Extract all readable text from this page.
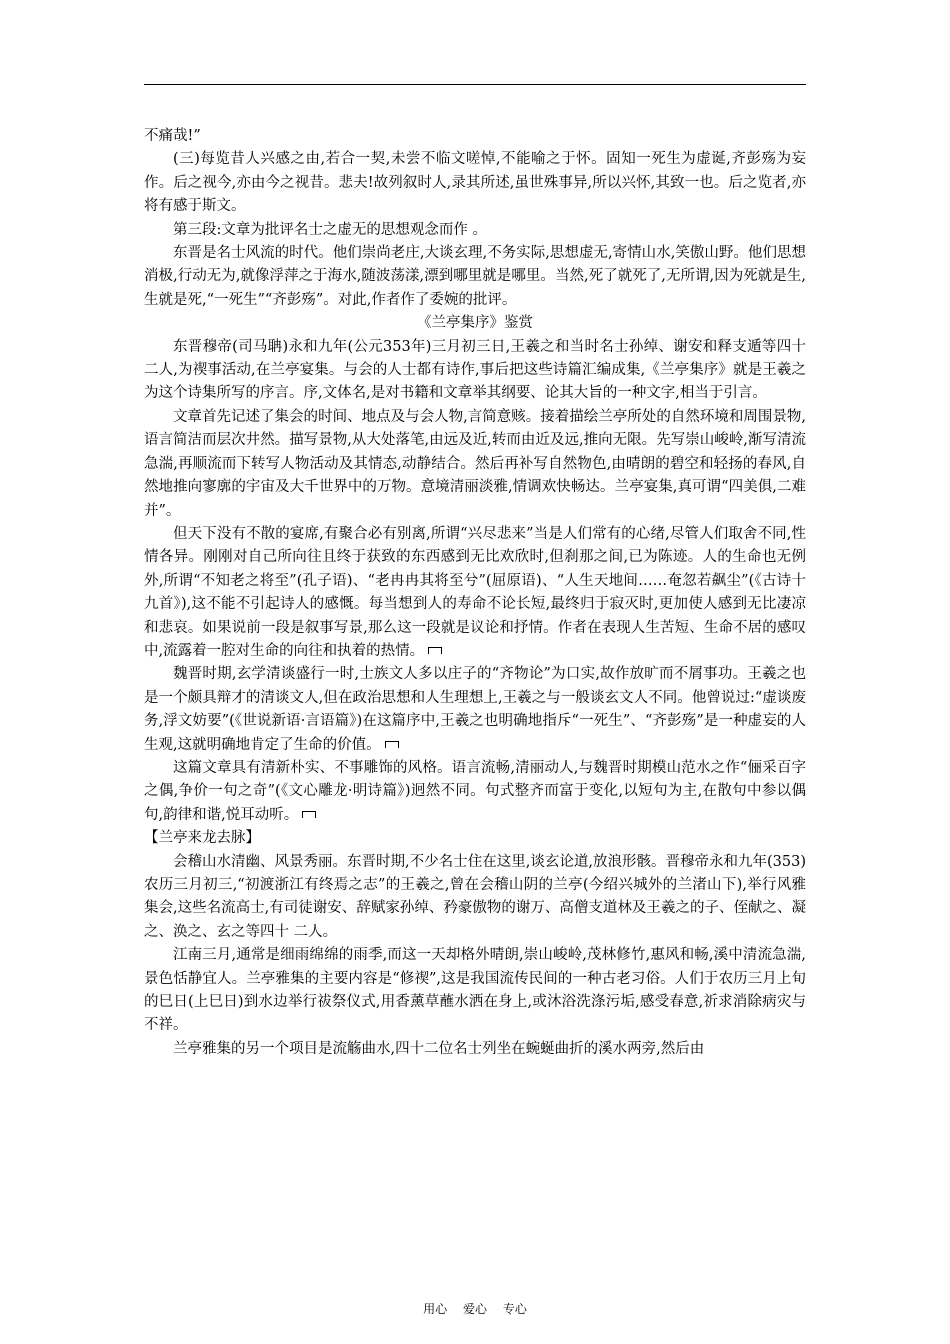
不痛哉!”

(三)每览昔人兴感之由,若合一契,未尝不临文嗟悼,不能喻之于怀。固知一死生为虚诞,齐彭殇为妄作。后之视今,亦由今之视昔。悲夫!故列叙时人,录其所述,虽世殊事异,所以兴怀,其致一也。后之览者,亦将有感于斯文。

第三段:文章为批评名士之虚无的思想观念而作 。

东晋是名士风流的时代。他们崇尚老庄,大谈玄理,不务实际,思想虚无,寄情山水,笑傲山野。他们思想消极,行动无为,就像浮萍之于海水,随波荡漾,漂到哪里就是哪里。当然,死了就死了,无所谓,因为死就是生,生就是死,“一死生”“齐彭殇”。对此,作者作了委婉的批评。

《兰亭集序》鉴赏

东晋穆帝(司马聃)永和九年(公元353年)三月初三日,王羲之和当时名士孙绰、谢安和释支遁等四十二人,为禊事活动,在兰亭宴集。与会的人士都有诗作,事后把这些诗篇汇编成集,《兰亭集序》就是王羲之为这个诗集所写的序言。序,文体名,是对书籍和文章举其纲要、论其大旨的一种文字,相当于引言。

文章首先记述了集会的时间、地点及与会人物,言简意赅。接着描绘兰亭所处的自然环境和周围景物,语言简洁而层次井然。描写景物,从大处落笔,由远及近,转而由近及远,推向无限。先写崇山峻岭,渐写清流急湍,再顺流而下转写人物活动及其情态,动静结合。然后再补写自然物色,由晴朗的碧空和轻扬的春风,自然地推向寥廓的宇宙及大千世界中的万物。意境清丽淡雅,情调欢快畅达。兰亭宴集,真可谓“四美俱,二难并”。

但天下没有不散的宴席,有聚合必有别离,所谓“兴尽悲来”当是人们常有的心绪,尽管人们取舍不同,性情各异。刚刚对自己所向往且终于获致的东西感到无比欢欣时,但刹那之间,已为陈迹。人的生命也无例外,所谓“不知老之将至”(孔子语)、“老冉冉其将至兮”(屈原语)、“人生天地间……奄忽若飙尘”(《古诗十九首》),这不能不引起诗人的感慨。每当想到人的寿命不论长短,最终归于寂灭时,更加使人感到无比凄凉和悲哀。如果说前一段是叙事写景,那么这一段就是议论和抒情。作者在表现人生苦短、生命不居的感叹中,流露着一腔对生命的向往和执着的热情。

魏晋时期,玄学清谈盛行一时,士族文人多以庄子的“齐物论”为口实,故作放旷而不屑事功。王羲之也是一个颇具辩才的清谈文人,但在政治思想和人生理想上,王羲之与一般谈玄文人不同。他曾说过:“虚谈废务,浮文妨要”(《世说新语·言语篇》)在这篇序中,王羲之也明确地指斥“一死生”、“齐彭殇”是一种虚妄的人生观,这就明确地肯定了生命的价值。

这篇文章具有清新朴实、不事雕饰的风格。语言流畅,清丽动人,与魏晋时期模山范水之作“俪采百字之偶,争价一句之奇”(《文心雕龙·明诗篇》)迥然不同。句式整齐而富于变化,以短句为主,在散句中参以偶句,韵律和谐,悦耳动听。

【兰亭来龙去脉】

会稽山水清幽、风景秀丽。东晋时期,不少名士住在这里,谈玄论道,放浪形骸。晋穆帝永和九年(353)农历三月初三,“初渡浙江有终焉之志”的王羲之,曾在会稽山阴的兰亭(今绍兴城外的兰渚山下),举行风雅集会,这些名流高士,有司徒谢安、辞赋家孙绰、矜豪傲物的谢万、高僧支道林及王羲之的子、侄献之、凝之、涣之、玄之等四十 二人。

江南三月,通常是细雨绵绵的雨季,而这一天却格外晴朗,崇山峻岭,茂林修竹,惠风和畅,溪中清流急湍,景色恬静宜人。兰亭雅集的主要内容是“修禊”,这是我国流传民间的一种古老习俗。人们于农历三月上旬的巳日(上巳日)到水边举行祓祭仪式,用香薰草蘸水洒在身上,或沐浴洗涤污垢,感受春意,祈求消除病灾与不祥。

兰亭雅集的另一个项目是流觞曲水,四十二位名士列坐在蜿蜒曲折的溪水两旁,然后由

用心 爱心 专心
